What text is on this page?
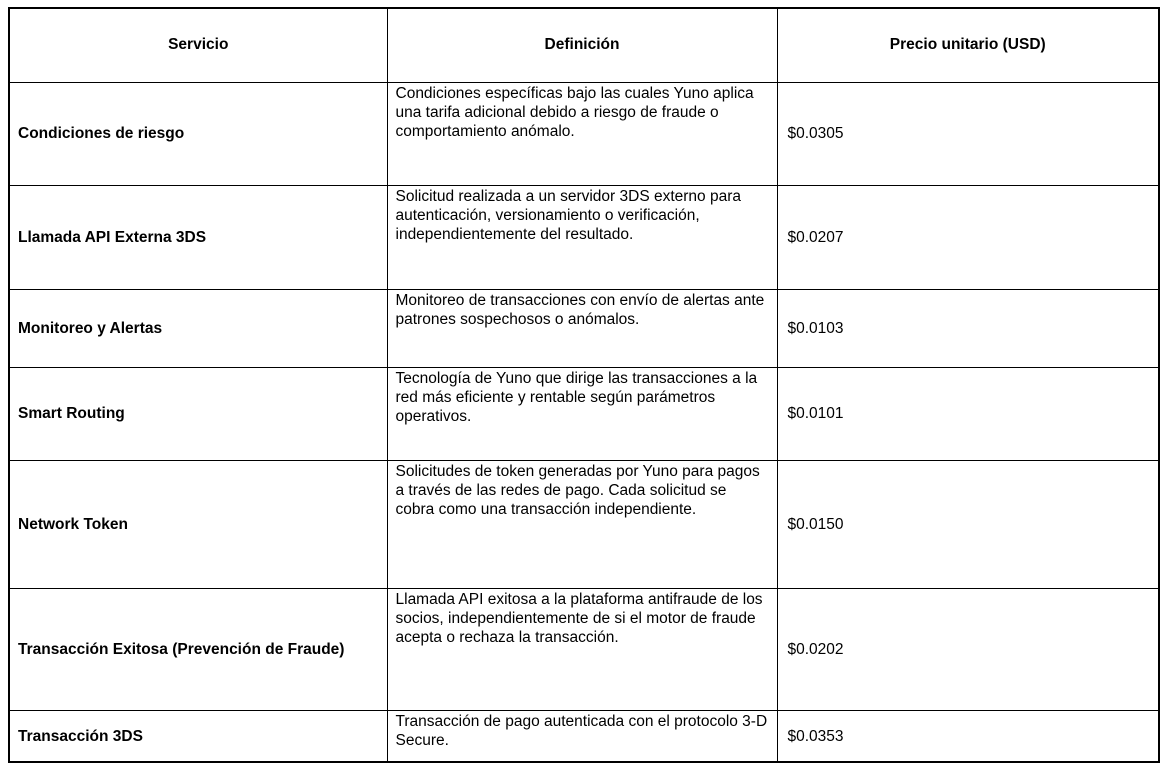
Servicio	Definición	Precio unitario (USD)
Condiciones de riesgo	Condiciones específicas bajo las cuales Yuno aplica una tarifa adicional debido a riesgo de fraude o comportamiento anómalo.	$0.0305
Llamada API Externa 3DS	Solicitud realizada a un servidor 3DS externo para autenticación, versionamiento o verificación, independientemente del resultado.	$0.0207
Monitoreo y Alertas	Monitoreo de transacciones con envío de alertas ante patrones sospechosos o anómalos.	$0.0103
Smart Routing	Tecnología de Yuno que dirige las transacciones a la red más eficiente y rentable según parámetros operativos.	$0.0101
Network Token	Solicitudes de token generadas por Yuno para pagos a través de las redes de pago. Cada solicitud se cobra como una transacción independiente.	$0.0150
Transacción Exitosa (Prevención de Fraude)	Llamada API exitosa a la plataforma antifraude de los socios, independientemente de si el motor de fraude acepta o rechaza la transacción.	$0.0202
Transacción 3DS	Transacción de pago autenticada con el protocolo 3-D Secure.	$0.0353
